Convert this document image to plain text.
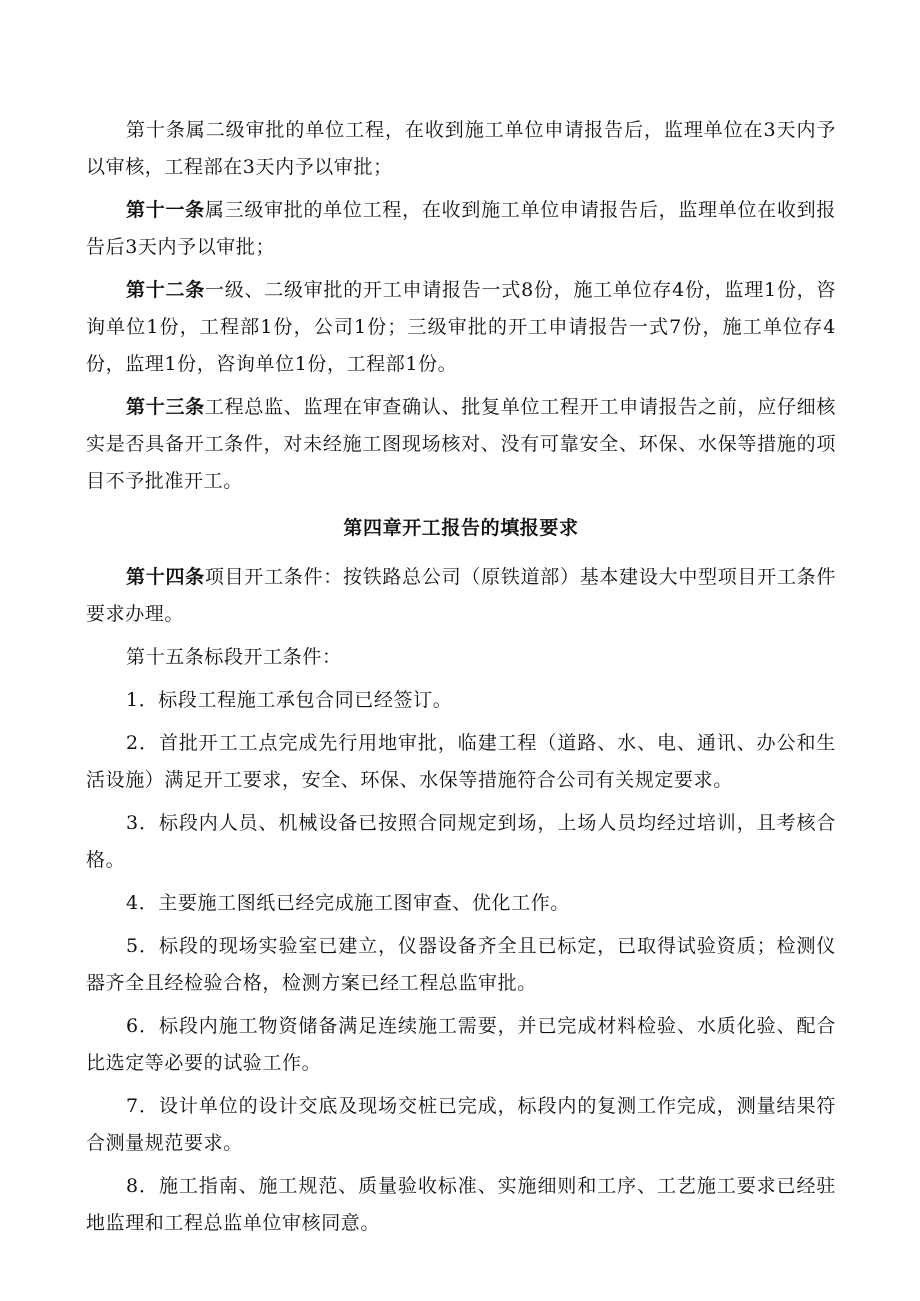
第十条属二级审批的单位工程，在收到施工单位申请报告后，监理单位在3天内予以审核，工程部在3天内予以审批；

第十一条属三级审批的单位工程，在收到施工单位申请报告后，监理单位在收到报告后3天内予以审批；

第十二条一级、二级审批的开工申请报告一式8份，施工单位存4份，监理1份，咨询单位1份，工程部1份，公司1份；三级审批的开工申请报告一式7份，施工单位存4份，监理1份，咨询单位1份，工程部1份。

第十三条工程总监、监理在审查确认、批复单位工程开工申请报告之前，应仔细核实是否具备开工条件，对未经施工图现场核对、没有可靠安全、环保、水保等措施的项目不予批准开工。

第四章开工报告的填报要求

第十四条项目开工条件：按铁路总公司（原铁道部）基本建设大中型项目开工条件要求办理。

第十五条标段开工条件：

1．标段工程施工承包合同已经签订。

2．首批开工工点完成先行用地审批，临建工程（道路、水、电、通讯、办公和生活设施）满足开工要求，安全、环保、水保等措施符合公司有关规定要求。

3．标段内人员、机械设备已按照合同规定到场，上场人员均经过培训，且考核合格。

4．主要施工图纸已经完成施工图审查、优化工作。

5．标段的现场实验室已建立，仪器设备齐全且已标定，已取得试验资质；检测仪器齐全且经检验合格，检测方案已经工程总监审批。

6．标段内施工物资储备满足连续施工需要，并已完成材料检验、水质化验、配合比选定等必要的试验工作。

7．设计单位的设计交底及现场交桩已完成，标段内的复测工作完成，测量结果符合测量规范要求。

8．施工指南、施工规范、质量验收标准、实施细则和工序、工艺施工要求已经驻地监理和工程总监单位审核同意。
